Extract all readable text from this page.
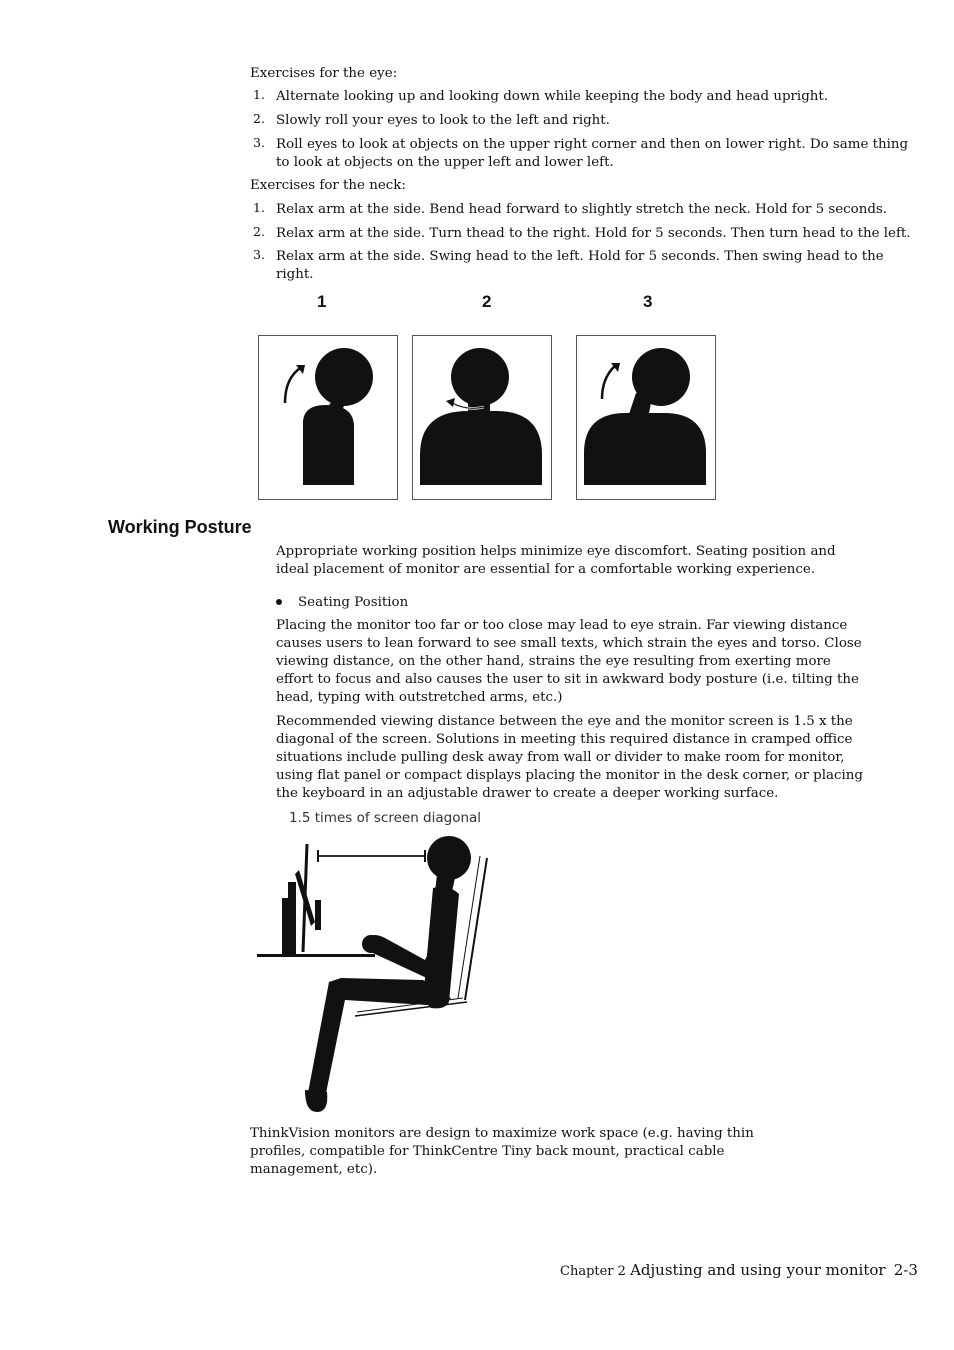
Exercises for the eye:
1. Alternate looking up and looking down while keeping the body and head upright.
2. Slowly roll your eyes to look to the left and right.
3. Roll eyes to look at objects on the upper right corner and then on lower right. Do same thing
to look at objects on the upper left and lower left.
Exercises for the neck:
1. Relax arm at the side. Bend head forward to slightly stretch the neck. Hold for 5 seconds.
2. Relax arm at the side. Turn thead to the right. Hold for 5 seconds. Then turn head to the left.
3. Relax arm at the side. Swing head to the left. Hold for 5 seconds. Then swing head to the
right.
1	2	3
Working Posture
Appropriate working position helps minimize eye discomfort. Seating position and ideal placement of monitor are essential for a comfortable working experience.
Seating Position
Placing the monitor too far or too close may lead to eye strain. Far viewing distance causes users to lean forward to see small texts, which strain the eyes and torso. Close viewing distance, on the other hand, strains the eye resulting from exerting more effort to focus and also causes the user to sit in awkward body posture (i.e. tilting the head, typing with outstretched arms, etc.)
Recommended viewing distance between the eye and the monitor screen is 1.5 x the diagonal of the screen. Solutions in meeting this required distance in cramped office situations include pulling desk away from wall or divider to make room for monitor, using flat panel or compact displays placing the monitor in the desk corner, or placing the keyboard in an adjustable drawer to create a deeper working surface.
1.5 times of screen diagonal
ThinkVision monitors are design to maximize work space (e.g. having thin profiles, compatible for ThinkCentre Tiny back mount, practical cable management, etc).
Chapter 2 Adjusting and using your monitor 2-3
